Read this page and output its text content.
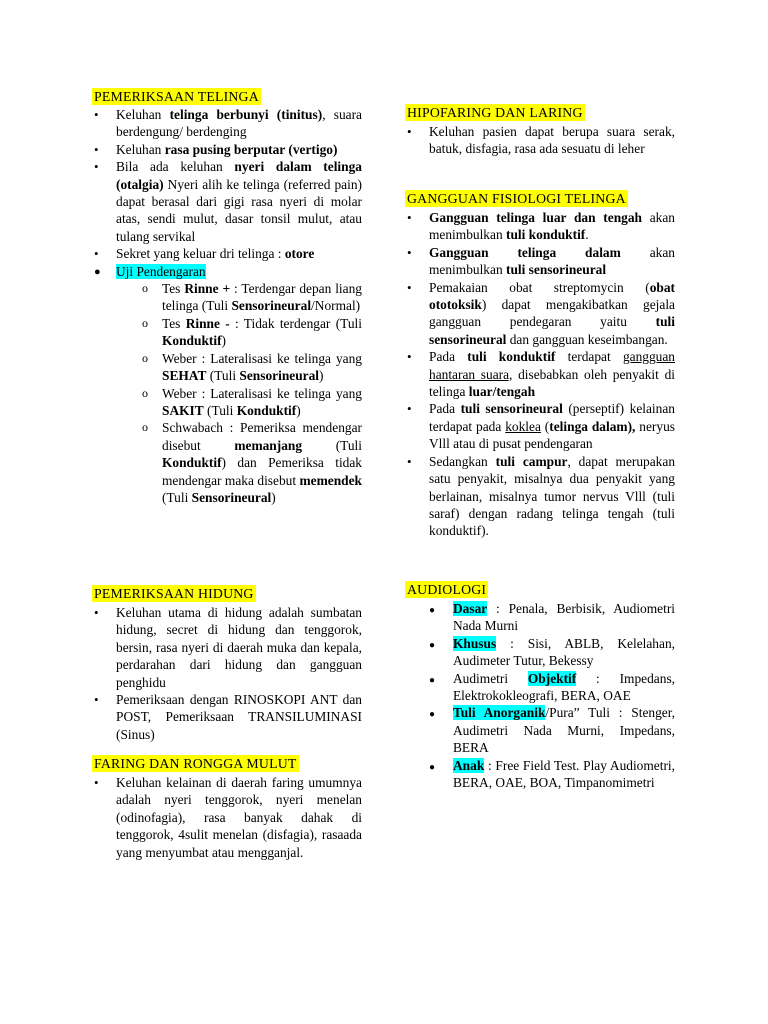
PEMERIKSAAN TELINGA
• Keluhan telinga berbunyi (tinitus), suara berdengung/ berdenging
• Keluhan rasa pusing berputar (vertigo)
• Bila ada keluhan nyeri dalam telinga (otalgia) Nyeri alih ke telinga (referred pain) dapat berasal dari gigi rasa nyeri di molar atas, sendi mulut, dasar tonsil mulut, atau tulang servikal
• Sekret yang keluar dri telinga : otore
● Uji Pendengaran
o Tes Rinne + : Terdengar depan liang telinga (Tuli Sensorineural/Normal)
o Tes Rinne - : Tidak terdengar (Tuli Konduktif)
o Weber : Lateralisasi ke telinga yang SEHAT (Tuli Sensorineural)
o Weber : Lateralisasi ke telinga yang SAKIT (Tuli Konduktif)
o Schwabach : Pemeriksa mendengar disebut memanjang (Tuli Konduktif) dan Pemeriksa tidak mendengar maka disebut memendek (Tuli Sensorineural)
PEMERIKSAAN HIDUNG
• Keluhan utama di hidung adalah sumbatan hidung, secret di hidung dan tenggorok, bersin, rasa nyeri di daerah muka dan kepala, perdarahan dari hidung dan gangguan penghidu
• Pemeriksaan dengan RINOSKOPI ANT dan POST, Pemeriksaan TRANSILUMINASI (Sinus)
FARING DAN RONGGA MULUT
• Keluhan kelainan di daerah faring umumnya adalah nyeri tenggorok, nyeri menelan (odinofagia), rasa banyak dahak di tenggorok, 4sulit menelan (disfagia), rasaada yang menyumbat atau mengganjal.
HIPOFARING DAN LARING
• Keluhan pasien dapat berupa suara serak, batuk, disfagia, rasa ada sesuatu di leher
GANGGUAN FISIOLOGI TELINGA
• Gangguan telinga luar dan tengah akan menimbulkan tuli konduktif.
• Gangguan telinga dalam akan menimbulkan tuli sensorineural
• Pemakaian obat streptomycin (obat ototoksik) dapat mengakibatkan gejala gangguan pendegaran yaitu tuli sensorineural dan gangguan keseimbangan.
• Pada tuli konduktif terdapat gangguan hantaran suara, disebabkan oleh penyakit di telinga luar/tengah
• Pada tuli sensorineural (perseptif) kelainan terdapat pada koklea (telinga dalam), neryus Vlll atau di pusat pendengaran
• Sedangkan tuli campur, dapat merupakan satu penyakit, misalnya dua penyakit yang berlainan, misalnya tumor nervus Vlll (tuli saraf) dengan radang telinga tengah (tuli konduktif).
AUDIOLOGI
● Dasar : Penala, Berbisik, Audiometri Nada Murni
● Khusus : Sisi, ABLB, Kelelahan, Audimeter Tutur, Bekessy
● Audimetri Objektif : Impedans, Elektrokokleografi, BERA, OAE
● Tuli Anorganik/Pura” Tuli : Stenger, Audimetri Nada Murni, Impedans, BERA
● Anak : Free Field Test. Play Audiometri, BERA, OAE, BOA, Timpanomimetri
